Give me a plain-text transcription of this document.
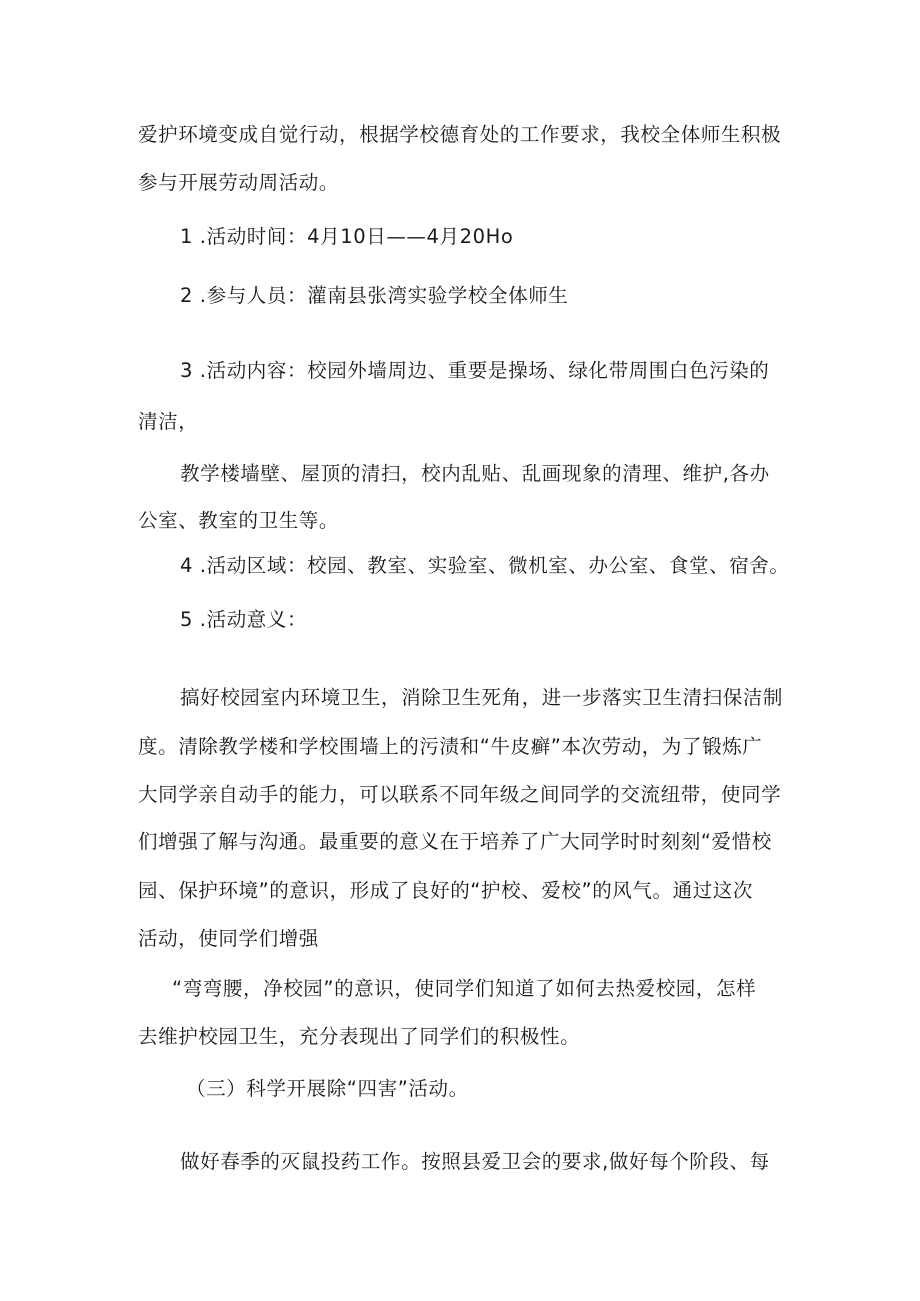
爱护环境变成自觉行动，根据学校德育处的工作要求，我校全体师生积极
参与开展劳动周活动。
1 .活动时间：4月10日——4月20Ho
2 .参与人员：灌南县张湾实验学校全体师生
3 .活动内容：校园外墙周边、重要是操场、绿化带周围白色污染的
清洁，
教学楼墙壁、屋顶的清扫，校内乱贴、乱画现象的清理、维护,各办
公室、教室的卫生等。
4 .活动区域：校园、教室、实验室、微机室、办公室、食堂、宿舍。
5 .活动意义：
搞好校园室内环境卫生，消除卫生死角，进一步落实卫生清扫保洁制
度。清除教学楼和学校围墙上的污渍和“牛皮癣”本次劳动，为了锻炼广
大同学亲自动手的能力，可以联系不同年级之间同学的交流纽带，使同学
们增强了解与沟通。最重要的意义在于培养了广大同学时时刻刻“爱惜校
园、保护环境”的意识，形成了良好的“护校、爱校”的风气。通过这次
活动，使同学们增强
“弯弯腰，净校园”的意识，使同学们知道了如何去热爱校园，怎样
去维护校园卫生，充分表现出了同学们的积极性。
（三）科学开展除“四害”活动。
做好春季的灭鼠投药工作。按照县爱卫会的要求,做好每个阶段、每
